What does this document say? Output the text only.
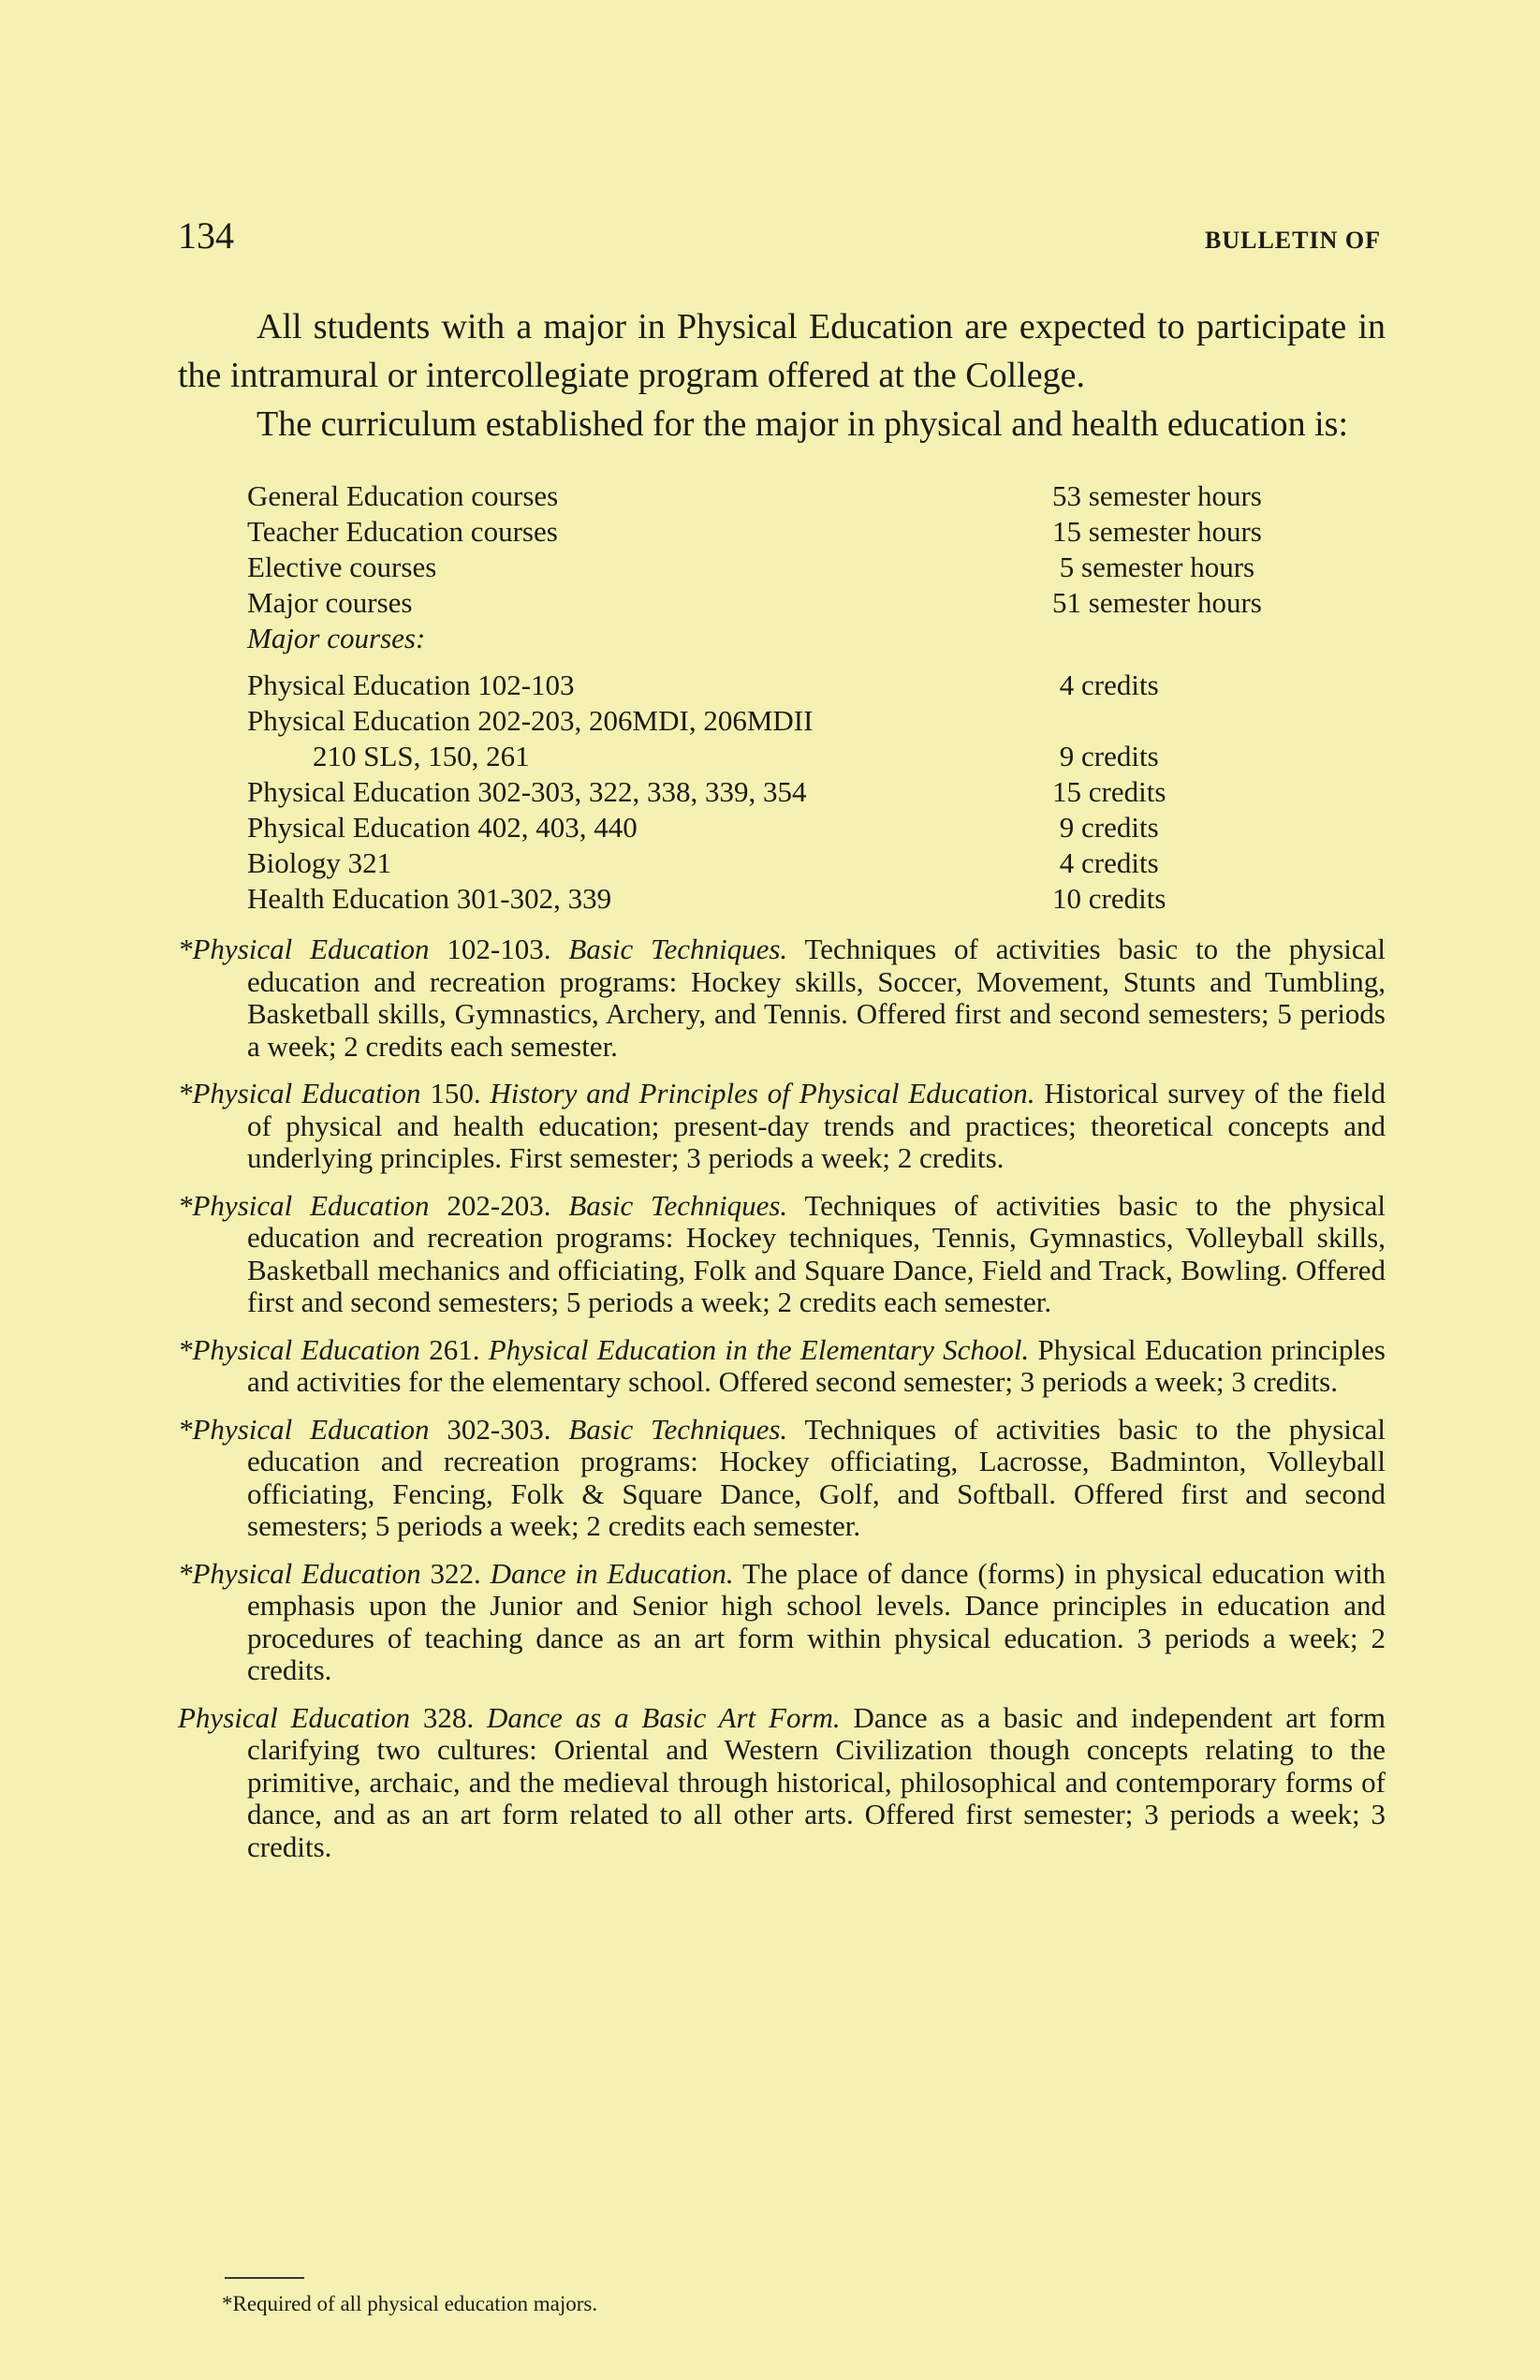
134	BULLETIN OF

All students with a major in Physical Education are expected to participate in the intramural or intercollegiate program offered at the College.

The curriculum established for the major in physical and health education is:

General Education courses	53 semester hours
Teacher Education courses	15 semester hours
Elective courses	5 semester hours
Major courses	51 semester hours
Major courses:
Physical Education 102-103	4 credits
Physical Education 202-203, 206MDI, 206MDII
210 SLS, 150, 261	9 credits
Physical Education 302-303, 322, 338, 339, 354	15 credits
Physical Education 402, 403, 440	9 credits
Biology 321	4 credits
Health Education 301-302, 339	10 credits

*Physical Education 102-103. Basic Techniques. Techniques of activities basic to the physical education and recreation programs: Hockey skills, Soccer, Movement, Stunts and Tumbling, Basketball skills, Gymnastics, Archery, and Tennis. Offered first and second semesters; 5 periods a week; 2 credits each semester.

*Physical Education 150. History and Principles of Physical Education. Historical survey of the field of physical and health education; present-day trends and practices; theoretical concepts and underlying principles. First semester; 3 periods a week; 2 credits.

*Physical Education 202-203. Basic Techniques. Techniques of activities basic to the physical education and recreation programs: Hockey techniques, Tennis, Gymnastics, Volleyball skills, Basketball mechanics and officiating, Folk and Square Dance, Field and Track, Bowling. Offered first and second semesters; 5 periods a week; 2 credits each semester.

*Physical Education 261. Physical Education in the Elementary School. Physical Education principles and activities for the elementary school. Offered second semester; 3 periods a week; 3 credits.

*Physical Education 302-303. Basic Techniques. Techniques of activities basic to the physical education and recreation programs: Hockey officiating, Lacrosse, Badminton, Volleyball officiating, Fencing, Folk & Square Dance, Golf, and Softball. Offered first and second semesters; 5 periods a week; 2 credits each semester.

*Physical Education 322. Dance in Education. The place of dance (forms) in physical education with emphasis upon the Junior and Senior high school levels. Dance principles in education and procedures of teaching dance as an art form within physical education. 3 periods a week; 2 credits.

Physical Education 328. Dance as a Basic Art Form. Dance as a basic and independent art form clarifying two cultures: Oriental and Western Civilization though concepts relating to the primitive, archaic, and the medieval through historical, philosophical and contemporary forms of dance, and as an art form related to all other arts. Offered first semester; 3 periods a week; 3 credits.

*Required of all physical education majors.
